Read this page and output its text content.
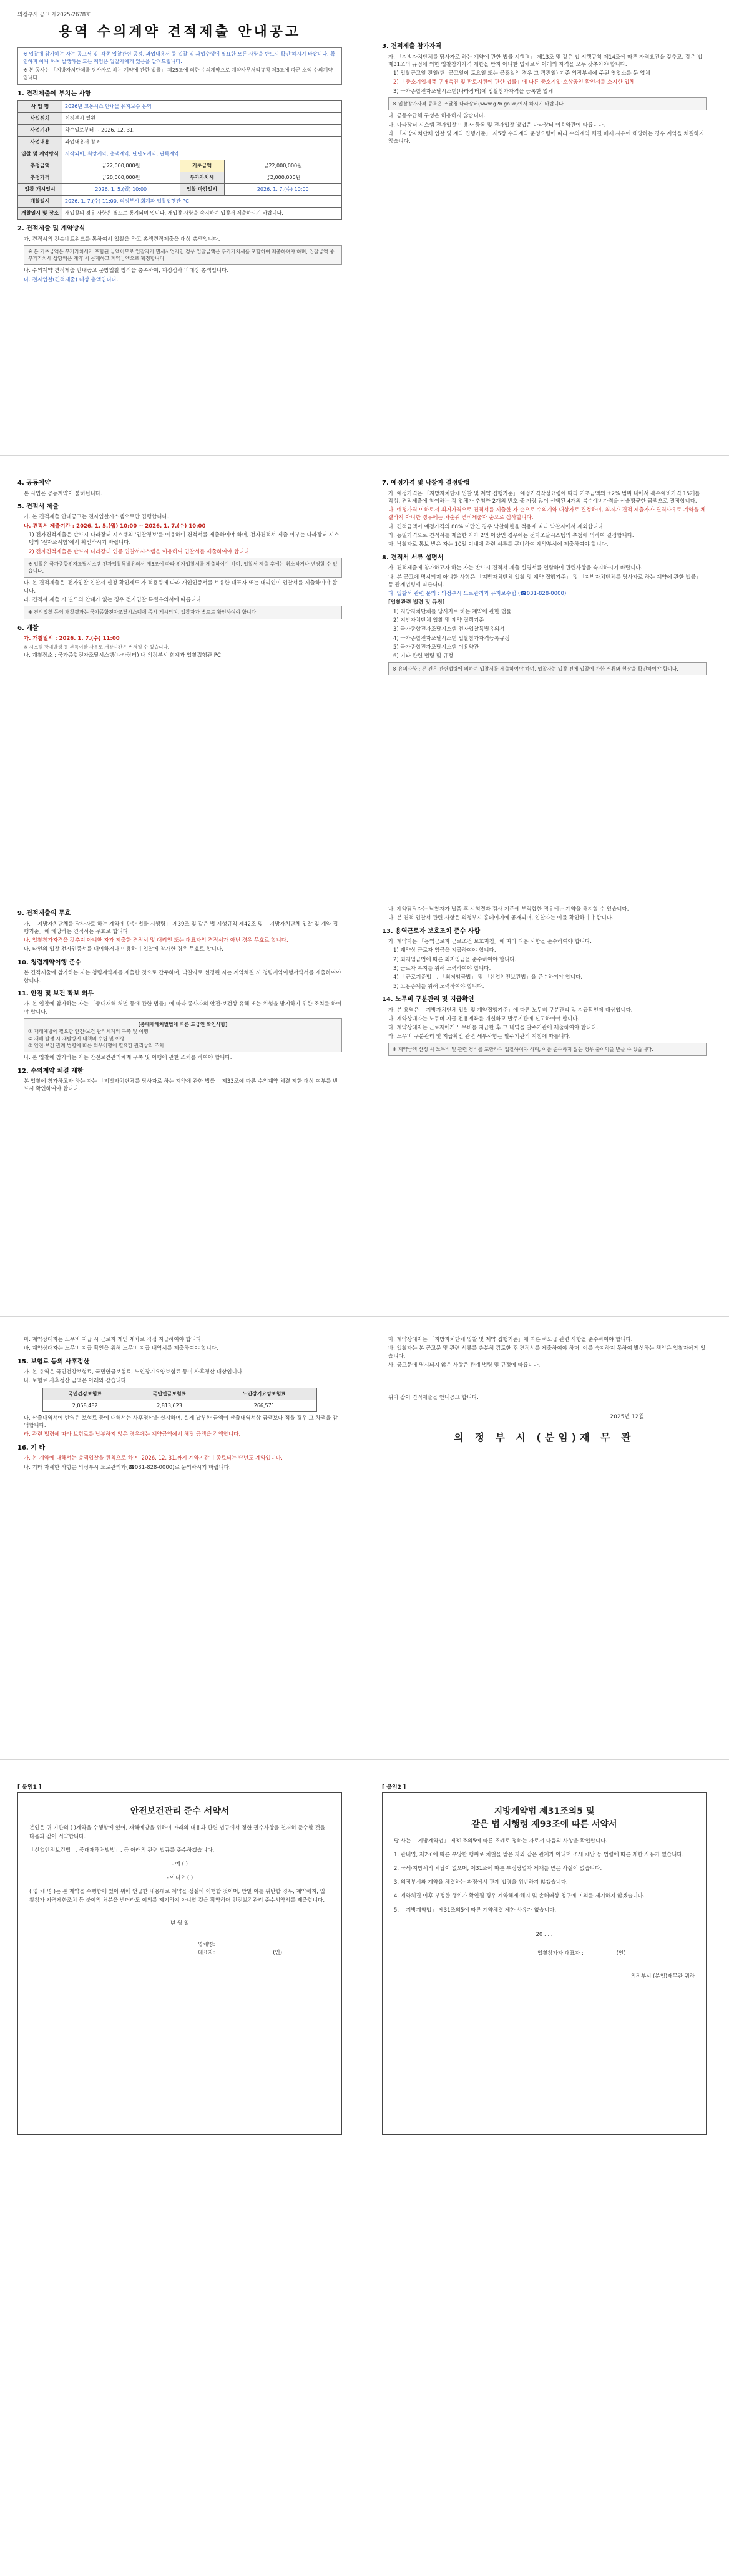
의정부시 공고 제2025-2678호
용역 수의계약 견적제출 안내공고
※ 입찰에 참가하는 자는 공고서 및 '각종 입찰관련 공정, 과업내용서 등 입찰 및 과업수행에 필요한 모든 사항을 반드시 확인'하시기 바랍니다. 확인하지 아니 하여 발생하는 모든 책임은 입찰자에게 있음을 알려드립니다.
※ 본 공사는 「지방자치단체를 당사자로 하는 계약에 관한 법률」 제25조에 의한 수의계약으로 계약사무처리규칙 제3조에 따른 소액 수의계약입니다.
1. 견적제출에 부치는 사항
사 업 명	2026년 교통시스 안내물 유지보수 용역		
사업위치	의정부시 일원		
사업기간	착수일로부터 ~ 2026. 12. 31.		
사업내용	과업내용서 참조		
입찰 및 계약방식	시작되어, 희망계약, 총액계약, 단년도계약, 단독계약		
추정금액	금22,000,000원	기초금액	금22,000,000원
추정가격	금20,000,000원	부가가치세	금2,000,000원
입찰 개시일시	2026. 1. 5.(월) 10:00	입찰 마감일시	2026. 1. 7.(수) 10:00
개찰일시	2026. 1. 7.(수) 11:00, 의정부시 회계과 입찰집행관 PC		
개찰일시 및 장소	재입찰의 경우 사항은 별도로 통지되며 입니다. 재입찰 사항을 숙지하여 입찰서 제출하시기 바랍니다.		
2. 견적제출 및 계약방식
가. 견적서의 전송네트워크를 통하여서 입찰을 하고 총액견적제출을 대상 총액입니다.
※ 본 기초금액은 부가가치세가 포함된 금액이므로 입찰자가 면세사업자인 경우 입찰금액은 부가가치세를 포함하여 제출하여야 하며, 입찰금액 중 부가가치세 상당액은 계약 시 공제하고 계약금액으로 확정합니다.
나. 수의계약 견적제출 안내공고 문방입찰 방식을 충족하여, 계정심사 비대상 총액입니다.
다. 전자입찰(견적제출) 대상 총액입니다.
3. 견적제출 참가자격
가. 「지방자치단체를 당사자로 하는 계약에 관한 법률 시행령」 제13조 및 같은 법 시행규칙 제14조에 따른 자격요건을 갖추고, 같은 법 제31조의 규정에 의한 입찰참가자격 제한을 받지 아니한 업체로서 아래의 자격을 모두 갖추어야 합니다.
1) 입찰공고일 전일(단, 공고일이 토요일 또는 공휴일인 경우 그 직전일) 기준 의정부시에 주된 영업소를 둔 업체
2) 「중소기업제품 구매촉진 및 판로지원에 관한 법률」에 따른 중소기업·소상공인 확인서를 소지한 업체
3) 국가종합전자조달시스템(나라장터)에 입찰참가자격을 등록한 업체
※ 입찰참가자격 등록은 조달청 나라장터(www.g2b.go.kr)에서 하시기 바랍니다.
나. 공동수급체 구성은 허용하지 않습니다.
다. 나라장터 시스템 전자입찰 이용자 등록 및 전자입찰 방법은 나라장터 이용약관에 따릅니다.
라. 「지방자치단체 입찰 및 계약 집행기준」 제5장 수의계약 운영요령에 따라 수의계약 체결 배제 사유에 해당하는 경우 계약을 체결하지 않습니다.
4. 공동계약
본 사업은 공동계약이 불허됩니다.
5. 견적서 제출
가. 본 견적제출 안내공고는 전자입찰시스템으로만 집행합니다.
나. 견적서 제출기간 : 2026. 1. 5.(월) 10:00 ~ 2026. 1. 7.(수) 10:00
1) 전자견적제출은 반드시 나라장터 시스템의 '입찰정보'를 이용하여 견적서를 제출하여야 하며, 전자견적서 제출 여부는 나라장터 시스템의 '전자조서함'에서 확인하시기 바랍니다.
2) 전자견적제출은 반드시 나라장터 인증 입찰서시스템을 이용하여 입찰서를 제출하여야 합니다.
※ 입찰은 국가종합전자조달시스템 전자입찰특별유의서 제5조에 따라 전자입찰서를 제출하여야 하며, 입찰서 제출 후에는 취소하거나 변경할 수 없습니다.
다. 본 견적제출은 '전자입찰 입찰서 신청 확인제도'가 적용됨에 따라 개인인증서를 보유한 대표자 또는 대리인이 입찰서를 제출하여야 합니다.
라. 견적서 제출 시 별도의 안내가 없는 경우 전자입찰 특별유의서에 따릅니다.
※ 견적입찰 등의 개찰결과는 국가종합전자조달시스템에 즉시 게시되며, 입찰자가 별도로 확인하여야 합니다.
6. 개찰
가. 개찰일시 : 2026. 1. 7.(수) 11:00
※ 시스템 장애발생 등 부득이한 사유로 개찰시간은 변경될 수 있습니다.
나. 개찰장소 : 국가종합전자조달시스템(나라장터) 내 의정부시 회계과 입찰집행관 PC
7. 예정가격 및 낙찰자 결정방법
가. 예정가격은 「지방자치단체 입찰 및 계약 집행기준」 예정가격작성요령에 따라 기초금액의 ±2% 범위 내에서 복수예비가격 15개를 작성, 견적제출에 참여하는 각 업체가 추첨한 2개의 번호 중 가장 많이 선택된 4개의 복수예비가격을 산술평균한 금액으로 결정합니다.
나. 예정가격 이하로서 최저가격으로 견적서를 제출한 자 순으로 수의계약 대상자로 결정하며, 최저가 견적 제출자가 결격사유로 계약을 체결하지 아니한 경우에는 차순위 견적제출자 순으로 심사합니다.
다. 견적금액이 예정가격의 88% 미만인 경우 낙찰하한율 적용에 따라 낙찰자에서 제외합니다.
라. 동일가격으로 견적서를 제출한 자가 2인 이상인 경우에는 전자조달시스템의 추첨에 의하여 결정합니다.
마. 낙찰자로 통보 받은 자는 10일 이내에 관련 서류를 구비하여 계약부서에 제출하여야 합니다.
8. 견적서 서류 설명서
가. 견적제출에 참가하고자 하는 자는 반드시 견적서 제출 설명서를 열람하여 관련사항을 숙지하시기 바랍니다.
나. 본 공고에 명시되지 아니한 사항은 「지방자치단체 입찰 및 계약 집행기준」 및 「지방자치단체를 당사자로 하는 계약에 관한 법률」 등 관계법령에 따릅니다.
다. 입찰서 관련 문의 : 의정부시 도로관리과 유지보수팀 (☎031-828-0000)
[입찰관련 법령 및 규정]
1) 지방자치단체를 당사자로 하는 계약에 관한 법률
2) 지방자치단체 입찰 및 계약 집행기준
3) 국가종합전자조달시스템 전자입찰특별유의서
4) 국가종합전자조달시스템 입찰참가자격등록규정
5) 국가종합전자조달시스템 이용약관
6) 기타 관련 법령 및 규정
※ 유의사항 : 본 건은 관련법령에 의하여 입찰서를 제출하여야 하며, 입찰자는 입찰 전에 입찰에 관한 서류와 현장을 확인하여야 합니다.
9. 견적제출의 무효
가. 「지방자치단체를 당사자로 하는 계약에 관한 법률 시행령」 제39조 및 같은 법 시행규칙 제42조 및 「지방자치단체 입찰 및 계약 집행기준」에 해당하는 견적서는 무효로 합니다.
나. 입찰참가자격을 갖추지 아니한 자가 제출한 견적서 및 대리인 또는 대표자의 견적서가 아닌 경우 무효로 합니다.
다. 타인의 입찰 전자인증서를 대여하거나 이용하여 입찰에 참가한 경우 무효로 합니다.
10. 청렴계약이행 준수
본 견적제출에 참가하는 자는 청렴계약제를 제출한 것으로 간주하며, 낙찰자로 선정된 자는 계약체결 시 청렴계약이행서약서를 제출하여야 합니다.
11. 안전 및 보건 확보 의무
가. 본 입찰에 참가하는 자는 「중대재해 처벌 등에 관한 법률」에 따라 종사자의 안전·보건상 유해 또는 위험을 방지하기 위한 조치를 하여야 합니다.
[중대재해처벌법에 따른 도급인 확인사항]
① 재해예방에 필요한 안전·보건 관리체계의 구축 및 이행
② 재해 발생 시 재발방지 대책의 수립 및 이행
③ 안전·보건 관계 법령에 따른 의무이행에 필요한 관리상의 조치
나. 본 입찰에 참가하는 자는 안전보건관리체계 구축 및 이행에 관한 조치를 하여야 합니다.
12. 수의계약 체결 제한
본 입찰에 참가하고자 하는 자는 「지방자치단체를 당사자로 하는 계약에 관한 법률」 제33조에 따른 수의계약 체결 제한 대상 여부를 반드시 확인하여야 합니다.
나. 계약담당자는 낙찰자가 납품 후 시험결과 검사 기준에 부적합한 경우에는 계약을 해지할 수 있습니다.
다. 본 견적 입찰서 관련 사항은 의정부시 홈페이지에 공개되며, 입찰자는 이를 확인하여야 합니다.
13. 용역근로자 보호조치 준수 사항
가. 계약자는 「용역근로자 근로조건 보호지침」에 따라 다음 사항을 준수하여야 합니다.
1) 계약상 근로자 임금을 지급하여야 합니다.
2) 최저임금법에 따른 최저임금을 준수하여야 합니다.
3) 근로자 복지를 위해 노력하여야 합니다.
4) 「근로기준법」, 「최저임금법」 및 「산업안전보건법」을 준수하여야 합니다.
5) 고용승계를 위해 노력하여야 합니다.
14. 노무비 구분관리 및 지급확인
가. 본 용역은 「지방자치단체 입찰 및 계약집행기준」에 따른 노무비 구분관리 및 지급확인제 대상입니다.
나. 계약상대자는 노무비 지급 전용계좌를 개설하고 발주기관에 신고하여야 합니다.
다. 계약상대자는 근로자에게 노무비를 지급한 후 그 내역을 발주기관에 제출하여야 합니다.
라. 노무비 구분관리 및 지급확인 관련 세부사항은 발주기관의 지침에 따릅니다.
※ 계약금액 산정 시 노무비 및 관련 경비를 포함하여 입찰하여야 하며, 이를 준수하지 않는 경우 불이익을 받을 수 있습니다.
마. 계약상대자는 노무비 지급 시 근로자 개인 계좌로 직접 지급하여야 합니다.
바. 계약상대자는 노무비 지급 확인을 위해 노무비 지급 내역서를 제출하여야 합니다.
15. 보험료 등의 사후정산
가. 본 용역은 국민건강보험료, 국민연금보험료, 노인장기요양보험료 등이 사후정산 대상입니다.
나. 보험료 사후정산 금액은 아래와 같습니다.
국민건강보험료	국민연금보험료	노인장기요양보험료
2,058,482	2,813,623	266,571
다. 산출내역서에 반영된 보험료 등에 대해서는 사후정산을 실시하며, 실제 납부한 금액이 산출내역서상 금액보다 적을 경우 그 차액을 감액합니다.
라. 관련 법령에 따라 보험료를 납부하지 않은 경우에는 계약금액에서 해당 금액을 감액합니다.
16. 기 타
가. 본 계약에 대해서는 총액입찰을 원칙으로 하며, 2026. 12. 31.까지 계약기간이 종료되는 단년도 계약입니다.
나. 기타 자세한 사항은 의정부시 도로관리과(☎031-828-0000)로 문의하시기 바랍니다.
마. 계약상대자는 「지방자치단체 입찰 및 계약 집행기준」에 따른 하도급 관련 사항을 준수하여야 합니다.
바. 입찰자는 본 공고문 및 관련 서류를 충분히 검토한 후 견적서를 제출하여야 하며, 이를 숙지하지 못하여 발생하는 책임은 입찰자에게 있습니다.
사. 공고문에 명시되지 않은 사항은 관계 법령 및 규정에 따릅니다.
위와 같이 견적제출을 안내공고 합니다.
2025년 12월
의 정 부 시 (분임)재 무 관
[ 붙임1 ]
안전보건관리 준수 서약서

본인은 귀 기관의 ( )계약을 수행함에 있어, 재해예방을 위하여 아래의 내용과 관련 법규에서 정한 필수사항을 철저히 준수할 것을 다음과 같이 서약합니다.

「산업안전보건법」, 중대재해처벌법」, 등 아래의 관련 법규를 준수하겠습니다.

- 예 ( )

- 아니오 ( )

( 업 체 명 )는 본 계약을 수행함에 있어 위에 언급한 내용대로 계약을 성실히 이행할 것이며, 만일 이를 위반할 경우, 계약해지, 입찰참가 자격제한조치 등 불이익 처분을 받더라도 이의를 제기하지 아니할 것을 확약하며 안전보건관리 준수서약서를 제출합니다.

년 월 일

업체명:
대표자:	(인)
[ 붙임2 ]
지방계약법 제31조의5 및
같은 법 시행령 제93조에 따른 서약서

당 사는 「지방계약법」 제31조의5에 따른 조례로 정하는 자로서 다음의 사항을 확인합니다.

1. 관내업, 제2조에 따른 부당한 행위로 처벌을 받은 자와 같은 관계가 아니며 조세 체납 등 법령에 따른 제한 사유가 없습니다.

2. 국세·지방세의 체납이 없으며, 제31조에 따른 부정당업자 제재를 받은 사실이 없습니다.

3. 의정부시와 계약을 체결하는 과정에서 관계 법령을 위반하지 않겠습니다.

4. 계약체결 이후 부정한 행위가 확인될 경우 계약해제·해지 및 손해배상 청구에 이의를 제기하지 않겠습니다.

5. 「지방계약법」 제31조의5에 따른 계약체결 제한 사유가 없습니다.

20 . . .

입찰참가자 대표자 :	(인)

의정부시 (분임)재무관 귀하
